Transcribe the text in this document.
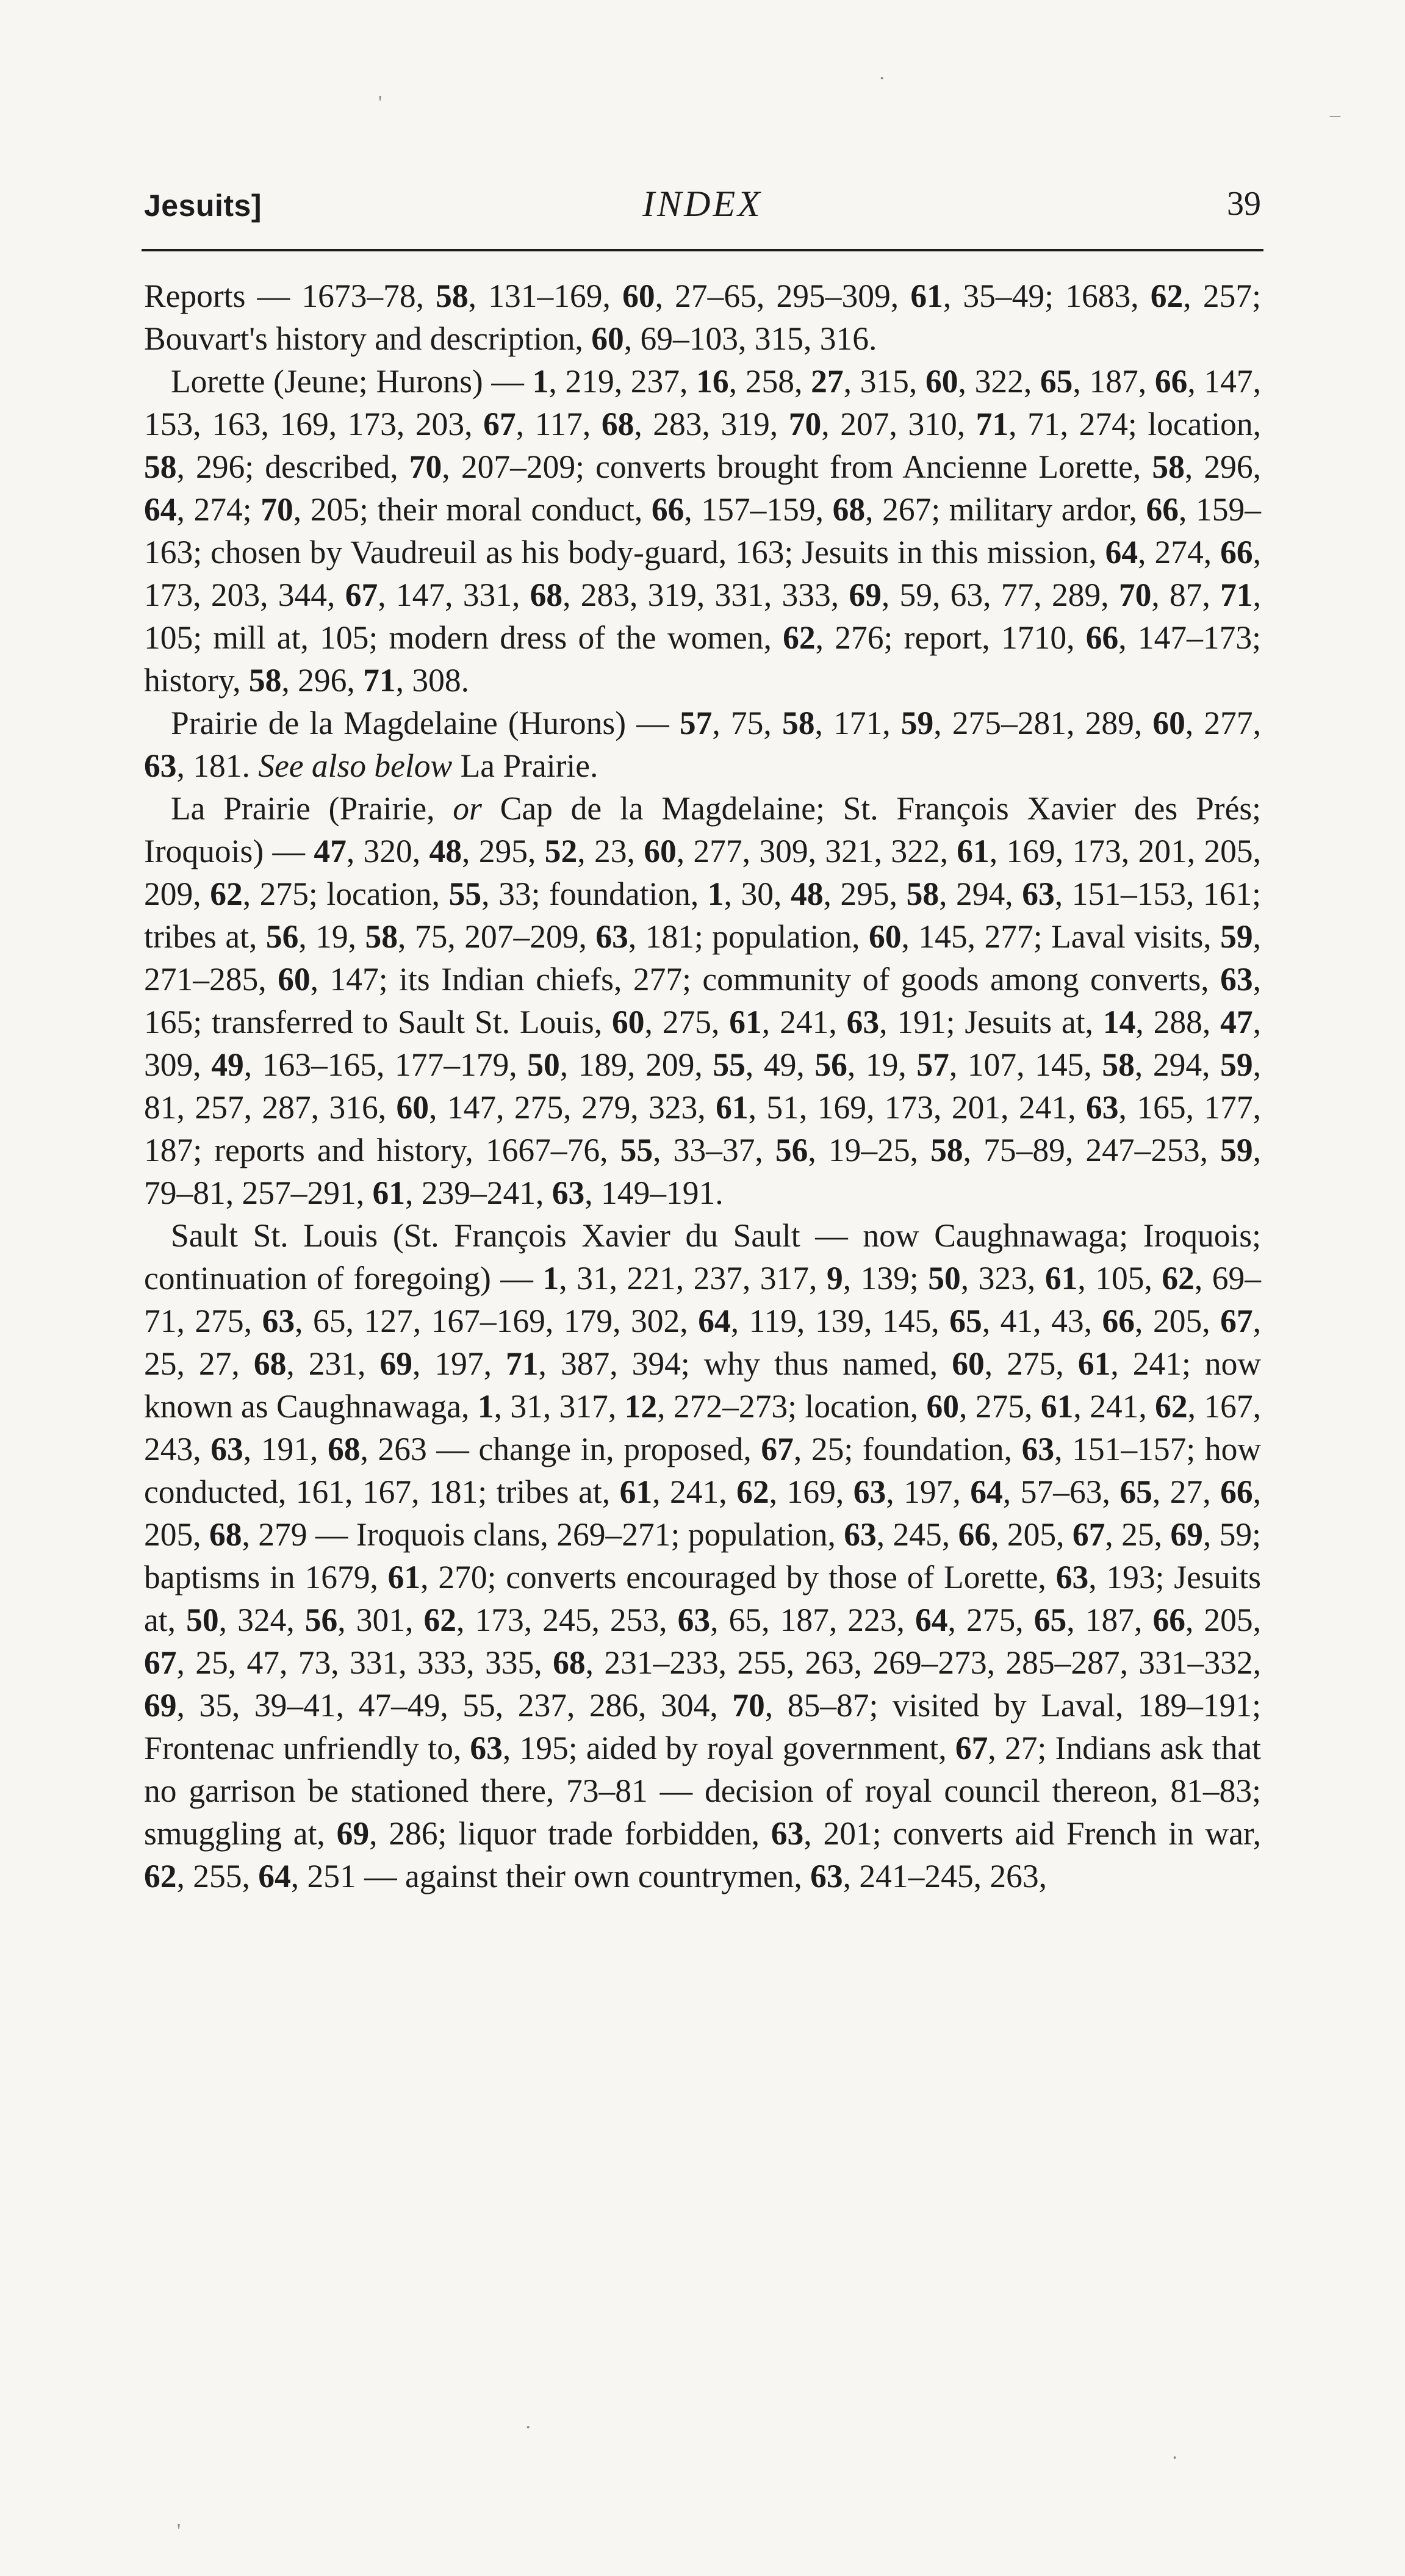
Jesuits]	INDEX	39

Reports — 1673–78, 58, 131–169, 60, 27–65, 295–309, 61, 35–49; 1683, 62, 257; Bouvart's history and description, 60, 69–103, 315, 316.

Lorette (Jeune; Hurons) — 1, 219, 237, 16, 258, 27, 315, 60, 322, 65, 187, 66, 147, 153, 163, 169, 173, 203, 67, 117, 68, 283, 319, 70, 207, 310, 71, 71, 274; location, 58, 296; described, 70, 207–209; converts brought from Ancienne Lorette, 58, 296, 64, 274; 70, 205; their moral conduct, 66, 157–159, 68, 267; military ardor, 66, 159–163; chosen by Vaudreuil as his body-guard, 163; Jesuits in this mission, 64, 274, 66, 173, 203, 344, 67, 147, 331, 68, 283, 319, 331, 333, 69, 59, 63, 77, 289, 70, 87, 71, 105; mill at, 105; modern dress of the women, 62, 276; report, 1710, 66, 147–173; history, 58, 296, 71, 308.

Prairie de la Magdelaine (Hurons) — 57, 75, 58, 171, 59, 275–281, 289, 60, 277, 63, 181. See also below La Prairie.

La Prairie (Prairie, or Cap de la Magdelaine; St. François Xavier des Prés; Iroquois) — 47, 320, 48, 295, 52, 23, 60, 277, 309, 321, 322, 61, 169, 173, 201, 205, 209, 62, 275; location, 55, 33; foundation, 1, 30, 48, 295, 58, 294, 63, 151–153, 161; tribes at, 56, 19, 58, 75, 207–209, 63, 181; population, 60, 145, 277; Laval visits, 59, 271–285, 60, 147; its Indian chiefs, 277; community of goods among converts, 63, 165; transferred to Sault St. Louis, 60, 275, 61, 241, 63, 191; Jesuits at, 14, 288, 47, 309, 49, 163–165, 177–179, 50, 189, 209, 55, 49, 56, 19, 57, 107, 145, 58, 294, 59, 81, 257, 287, 316, 60, 147, 275, 279, 323, 61, 51, 169, 173, 201, 241, 63, 165, 177, 187; reports and history, 1667–76, 55, 33–37, 56, 19–25, 58, 75–89, 247–253, 59, 79–81, 257–291, 61, 239–241, 63, 149–191.

Sault St. Louis (St. François Xavier du Sault — now Caughnawaga; Iroquois; continuation of foregoing) — 1, 31, 221, 237, 317, 9, 139; 50, 323, 61, 105, 62, 69–71, 275, 63, 65, 127, 167–169, 179, 302, 64, 119, 139, 145, 65, 41, 43, 66, 205, 67, 25, 27, 68, 231, 69, 197, 71, 387, 394; why thus named, 60, 275, 61, 241; now known as Caughnawaga, 1, 31, 317, 12, 272–273; location, 60, 275, 61, 241, 62, 167, 243, 63, 191, 68, 263 — change in, proposed, 67, 25; foundation, 63, 151–157; how conducted, 161, 167, 181; tribes at, 61, 241, 62, 169, 63, 197, 64, 57–63, 65, 27, 66, 205, 68, 279 — Iroquois clans, 269–271; population, 63, 245, 66, 205, 67, 25, 69, 59; baptisms in 1679, 61, 270; converts encouraged by those of Lorette, 63, 193; Jesuits at, 50, 324, 56, 301, 62, 173, 245, 253, 63, 65, 187, 223, 64, 275, 65, 187, 66, 205, 67, 25, 47, 73, 331, 333, 335, 68, 231–233, 255, 263, 269–273, 285–287, 331–332, 69, 35, 39–41, 47–49, 55, 237, 286, 304, 70, 85–87; visited by Laval, 189–191; Frontenac unfriendly to, 63, 195; aided by royal government, 67, 27; Indians ask that no garrison be stationed there, 73–81 — decision of royal council thereon, 81–83; smuggling at, 69, 286; liquor trade forbidden, 63, 201; converts aid French in war, 62, 255, 64, 251 — against their own countrymen, 63, 241–245, 263,

'
·
–
·
·
'
